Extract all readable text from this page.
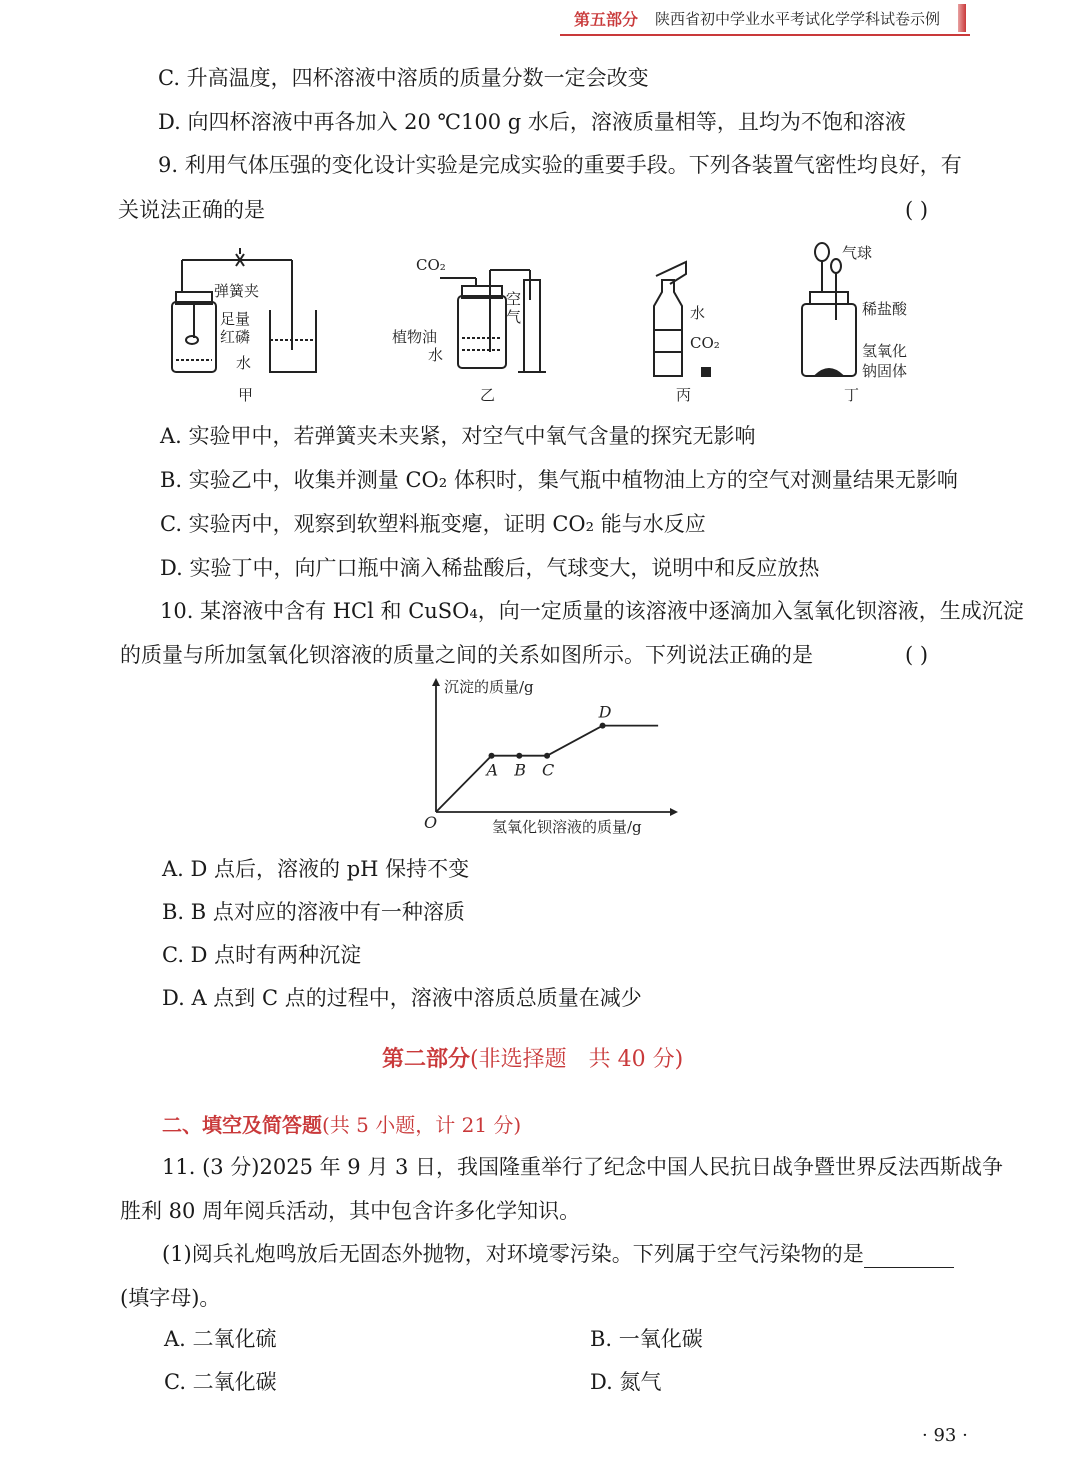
第五部分 陕西省初中学业水平考试化学学科试卷示例
C. 升高温度，四杯溶液中溶质的质量分数一定会改变
D. 向四杯溶液中再各加入 20 ℃100 g 水后，溶液质量相等，且均为不饱和溶液
9. 利用气体压强的变化设计实验是完成实验的重要手段。下列各装置气密性均良好，有
关说法正确的是	( )
弹簧夹
足量
红磷
水
甲
CO₂
空
气
植物油
水
乙
水
CO₂
丙
气球
稀盐酸
氢氧化
钠固体
丁
A. 实验甲中，若弹簧夹未夹紧，对空气中氧气含量的探究无影响
B. 实验乙中，收集并测量 CO₂ 体积时，集气瓶中植物油上方的空气对测量结果无影响
C. 实验丙中，观察到软塑料瓶变瘪，证明 CO₂ 能与水反应
D. 实验丁中，向广口瓶中滴入稀盐酸后，气球变大，说明中和反应放热
10. 某溶液中含有 HCl 和 CuSO₄，向一定质量的该溶液中逐滴加入氢氧化钡溶液，生成沉淀
的质量与所加氢氧化钡溶液的质量之间的关系如图所示。下列说法正确的是	( )
沉淀的质量/g
氢氧化钡溶液的质量/g
O
A B C
D
A. D 点后，溶液的 pH 保持不变
B. B 点对应的溶液中有一种溶质
C. D 点时有两种沉淀
D. A 点到 C 点的过程中，溶液中溶质总质量在减少
第二部分(非选择题　共 40 分)
二、填空及简答题(共 5 小题，计 21 分)
11. (3 分)2025 年 9 月 3 日，我国隆重举行了纪念中国人民抗日战争暨世界反法西斯战争
胜利 80 周年阅兵活动，其中包含许多化学知识。
(1)阅兵礼炮鸣放后无固态外抛物，对环境零污染。下列属于空气污染物的是
(填字母)。
A. 二氧化硫	B. 一氧化碳
C. 二氧化碳	D. 氮气
· 93 ·
